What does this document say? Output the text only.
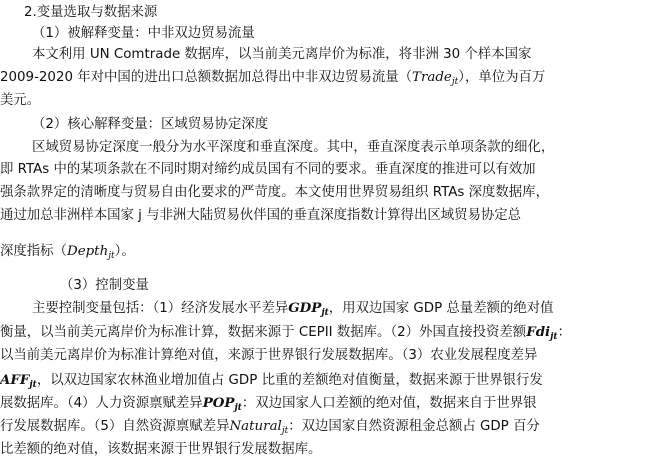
2.变量选取与数据来源
（1）被解释变量：中非双边贸易流量
本文利用 UN Comtrade 数据库，以当前美元离岸价为标准，将非洲 30 个样本国家
2009-2020 年对中国的进出口总额数据加总得出中非双边贸易流量（Trade$_{jt}$），单位为百万
美元。
（2）核心解释变量：区域贸易协定深度
区域贸易协定深度一般分为水平深度和垂直深度。其中，垂直深度表示单项条款的细化，
即 RTAs 中的某项条款在不同时期对缔约成员国有不同的要求。垂直深度的推进可以有效加
强条款界定的清晰度与贸易自由化要求的严苛度。本文使用世界贸易组织 RTAs 深度数据库，
通过加总非洲样本国家 j 与非洲大陆贸易伙伴国的垂直深度指数计算得出区域贸易协定总
深度指标（Depth$_{jt}$）。
（3）控制变量
主要控制变量包括：（1）经济发展水平差异$GDP_{jt}$，用双边国家 GDP 总量差额的绝对值
衡量，以当前美元离岸价为标准计算，数据来源于 CEPII 数据库。（2）外国直接投资差额Fdi$_{jt}$：
以当前美元离岸价为标准计算绝对值，来源于世界银行发展数据库。（3）农业发展程度差异
$AFF_{jt}$，以双边国家农林渔业增加值占 GDP 比重的差额绝对值衡量，数据来源于世界银行发
展数据库。（4）人力资源禀赋差异$POP_{jt}$：双边国家人口差额的绝对值，数据来自于世界银
行发展数据库。（5）自然资源禀赋差异Natural$_{jt}$：双边国家自然资源租金总额占 GDP 百分
比差额的绝对值，该数据来源于世界银行发展数据库。
